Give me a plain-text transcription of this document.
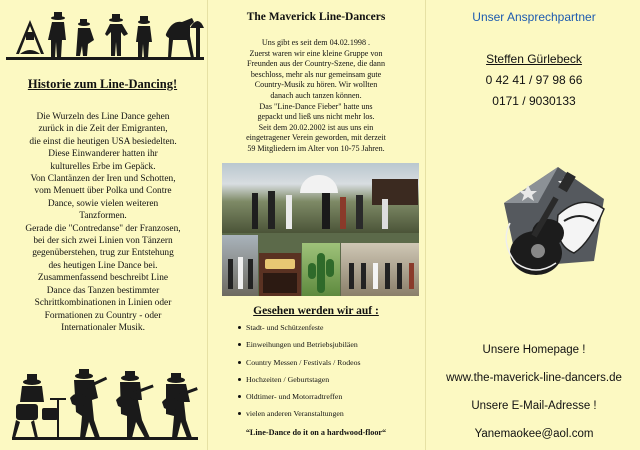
Historie zum Line-Dancing!
Die Wurzeln des Line Dance gehen
zurück in die Zeit der Emigranten,
die einst die heutigen USA besiedelten.
Diese Einwanderer hatten ihr
kulturelles Erbe im Gepäck.
Von Clantänzen der Iren und Schotten,
vom Menuett über Polka und Contre
Dance, sowie vielen weiteren
Tanzformen.
Gerade die "Contredanse" der Franzosen,
bei der sich zwei Linien von Tänzern
gegenüberstehen, trug zur Entstehung
des heutigen Line Dance bei.
Zusammenfassend beschreibt Line
Dance das Tanzen bestimmter
Schrittkombinationen in Linien oder
Formationen zu Country - oder
Internationaler Musik.
The Maverick Line-Dancers
Uns gibt es seit dem 04.02.1998 .
Zuerst waren wir eine kleine Gruppe von
Freunden aus der Country-Szene, die dann
beschloss, mehr als nur gemeinsam gute
Country-Musik zu hören. Wir wollten
danach auch tanzen können.
Das "Line-Dance Fieber" hatte uns
gepackt und ließ uns nicht mehr los.
Seit dem 20.02.2002 ist aus uns ein
eingetragener Verein geworden, mit derzeit
59 Mitgliedern im Alter von 10-75 Jahren.
Gesehen werden wir auf :
Stadt- und Schützenfeste
Einweihungen und Betriebsjubiläen
Country Messen / Festivals / Rodeos
Hochzeiten / Geburtstagen
Oldtimer- und Motorradtreffen
vielen anderen Veranstaltungen
“Line-Dance do it on a hardwood-floor“
Unser Ansprechpartner
Steffen Gürlebeck
0 42 41 / 97 98 66
0171 / 9030133
Unsere Homepage !
www.the-maverick-line-dancers.de
Unsere E-Mail-Adresse !
Yanemaokee@aol.com
